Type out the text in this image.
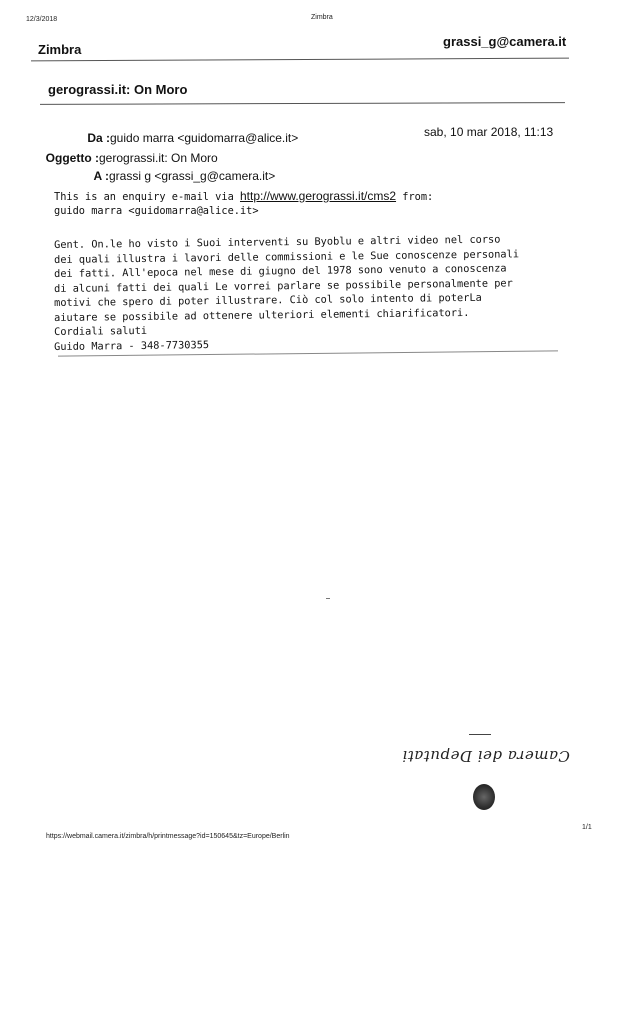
12/3/2018	Zimbra
Zimbra
grassi_g@camera.it
gerograssi.it: On Moro
Da :guido marra <guidomarra@alice.it>	sab, 10 mar 2018, 11:13
Oggetto :gerograssi.it: On Moro
A :grassi g <grassi_g@camera.it>
This is an enquiry e-mail via http://www.gerograssi.it/cms2 from:
guido marra <guidomarra@alice.it>
Gent. On.le ho visto i Suoi interventi su Byoblu e altri video nel corso
dei quali illustra i lavori delle commissioni e le Sue conoscenze personali
dei fatti. All'epoca nel mese di giugno del 1978 sono venuto a conoscenza
di alcuni fatti dei quali Le vorrei parlare se possibile personalmente per
motivi che spero di poter illustrare. Ciò col solo intento di poterLa
aiutare se possibile ad ottenere ulteriori elementi chiarificatori.
Cordiali saluti
Guido Marra - 348-7730355
Camera dei Deputati
https://webmail.camera.it/zimbra/h/printmessage?id=150645&tz=Europe/Berlin
1/1
